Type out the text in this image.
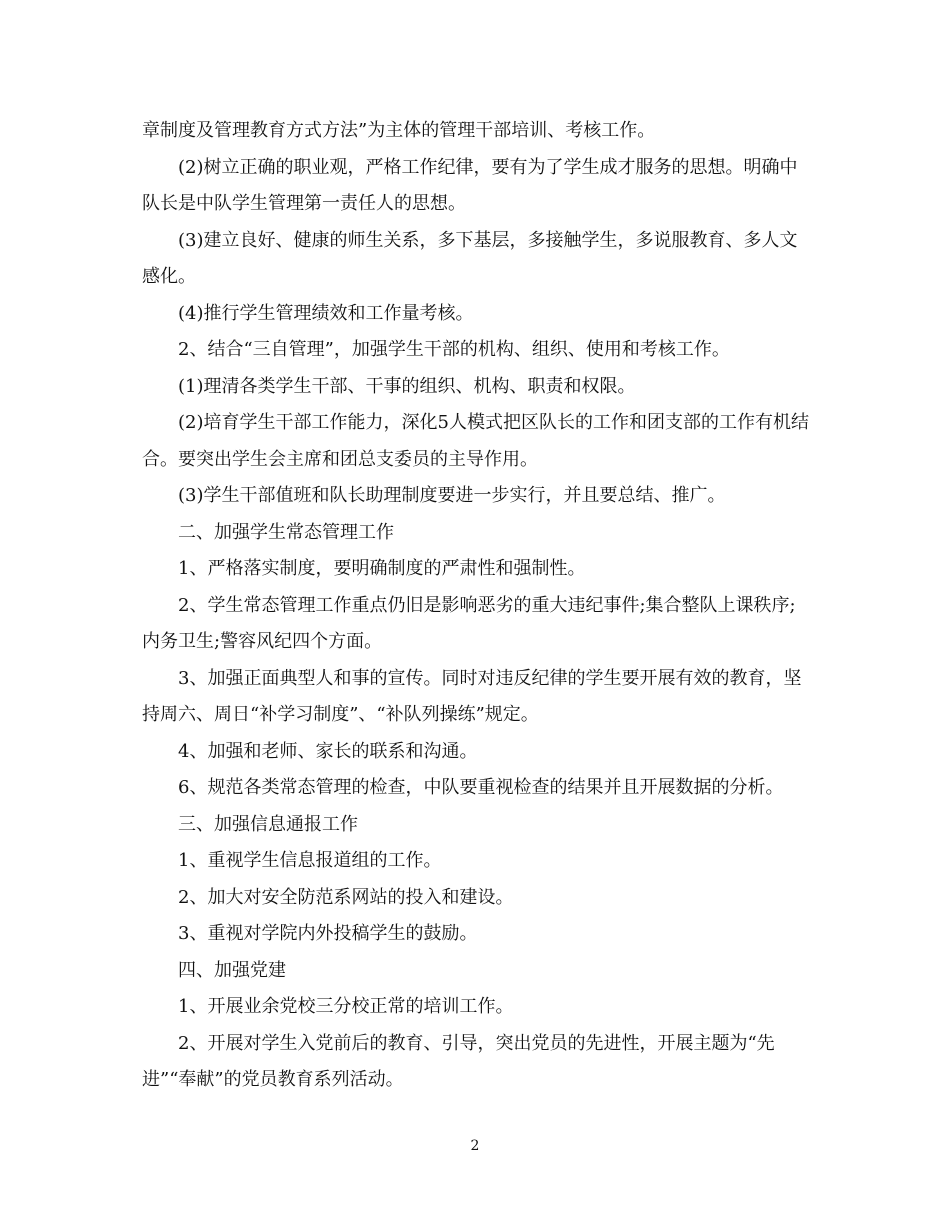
章制度及管理教育方式方法”为主体的管理干部培训、考核工作。

(2)树立正确的职业观，严格工作纪律，要有为了学生成才服务的思想。明确中队长是中队学生管理第一责任人的思想。

(3)建立良好、健康的师生关系，多下基层，多接触学生，多说服教育、多人文感化。

(4)推行学生管理绩效和工作量考核。

2、结合“三自管理”，加强学生干部的机构、组织、使用和考核工作。

(1)理清各类学生干部、干事的组织、机构、职责和权限。

(2)培育学生干部工作能力，深化5人模式把区队长的工作和团支部的工作有机结合。要突出学生会主席和团总支委员的主导作用。

(3)学生干部值班和队长助理制度要进一步实行，并且要总结、推广。

二、加强学生常态管理工作

1、严格落实制度，要明确制度的严肃性和强制性。

2、学生常态管理工作重点仍旧是影响恶劣的重大违纪事件;集合整队上课秩序;内务卫生;警容风纪四个方面。

3、加强正面典型人和事的宣传。同时对违反纪律的学生要开展有效的教育，坚持周六、周日“补学习制度”、“补队列操练”规定。

4、加强和老师、家长的联系和沟通。

6、规范各类常态管理的检查，中队要重视检查的结果并且开展数据的分析。

三、加强信息通报工作

1、重视学生信息报道组的工作。

2、加大对安全防范系网站的投入和建设。

3、重视对学院内外投稿学生的鼓励。

四、加强党建

1、开展业余党校三分校正常的培训工作。

2、开展对学生入党前后的教育、引导，突出党员的先进性，开展主题为“先进”“奉献”的党员教育系列活动。

2
